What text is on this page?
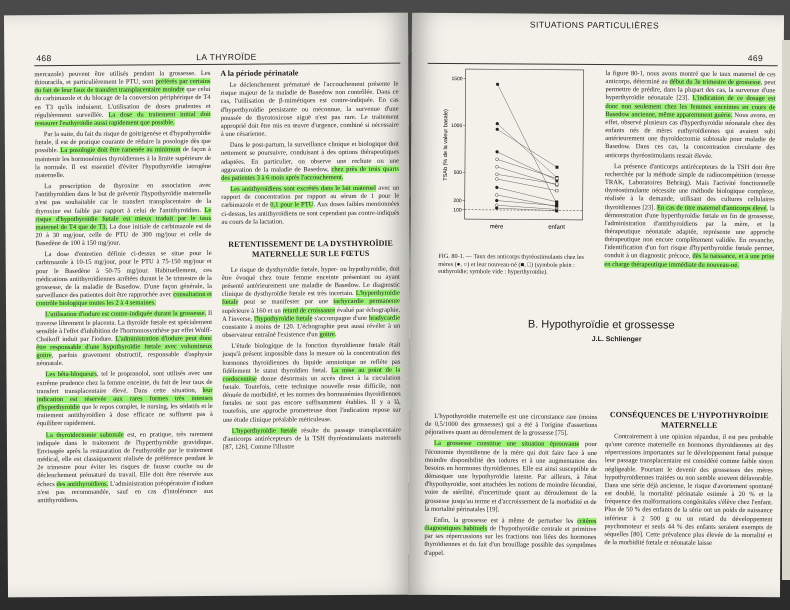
468	LA THYROÏDE

mercazole) peuvent être utilisés pendant la grossesse. Les thiouracils, et particulièrement le PTU, sont préférés par certains du fait de leur faux de transfert transplacentaire moindre que celui du carbimazole et du blocage de la conversion périphérique de T4 en T3 qu'ils induisent. L'utilisation de doses prudentes et régulièrement surveillée. La dose du traitement initial doit restaurer l'euthyroïdie aussi rapidement que possible.

Par la suite, du fait du risque de goitrigenèse et d'hypothyroïdie fœtale, il est de pratique courante de réduire la posologie dès que possible. La posologie doit être ramenée au minimum de façon à maintenir les hormonémies thyroïdiennes à la limite supérieure de la normale. Il est essentiel d'éviter l'hypothyroïdie iatrogène maternelle.

La prescription de thyroxine en association avec l'antithyroïdien dans le but de prévenir l'hypothyroïdie maternelle n'est pas souhaitable car le transfert transplacentaire de la thyroxine est faible par rapport à celui de l'antithyroïdien. Le risque d'hypothyroïdie fœtale est mieux traduit par le taux maternel de T4 que de T3. La dose initiale de carbimazole est de 20 à 30 mg/jour, celle de PTU de 300 mg/jour et celle de Basedène de 100 à 150 mg/jour.

La dose d'entretien définie ci-dessus se situe pour le carbimazole à 10-15 mg/jour, pour le PTU à 75-150 mg/jour et pour le Basedène à 50-75 mg/jour. Habituellement, ces médications antithyroïdiennes arrêtées durant le 3e trimestre de la grossesse, de la maladie de Basedow. D'une façon générale, la surveillance des patientes doit être rapprochée avec consultation et contrôle biologique toutes les 2 à 4 semaines.

L'utilisation d'iodure est contre-indiquée durant la grossesse. Il traverse librement le placenta. La thyroïde fœtale est spécialement sensible à l'effet d'inhibition de l'hormonosynthèse par effet Wolff-Chaikoff induit par l'iodure. L'administration d'iodure peut donc être responsable d'une hypothyroïdie fœtale avec volumineux goitre, parfois gravement obstructif, responsable d'asphyxie néonatale.

Les bêta-bloqueurs, tel le propranolol, sont utilisés avec une extrême prudence chez la femme enceinte, du fait de leur taux de transfert transplacentaire élevé. Dans cette situation, leur indication est réservée aux rares formes très intenses d'hyperthyroïdie que le repos complet, le nursing, les sédatifs et le traitement antithyroïdien à dose efficace ne suffisent pas à équilibrer rapidement.

La thyroïdectomie subtotale est, en pratique, très rarement indiquée dans le traitement de l'hyperthyroïdie gravidique. Envisagée après la restauration de l'euthyroïdie par le traitement médical, elle est classiquement réalisée de préférence pendant le 2e trimestre pour éviter les risques de fausse couche ou de déclenchement prématuré du travail. Elle doit être réservée aux échecs des antithyroïdiens. L'administration préopératoire d'iodure n'est pas recommandée, sauf en cas d'intolérance aux antithyroïdiens.

A la période périnatale

Le déclenchement prématuré de l'accouchement présente le risque majeur de la maladie de Basedow non contrôlée. Dans ce cas, l'utilisation de β-mimétiques est contre-indiquée. En cas d'hyperthyroïdie persistante ou méconnue, la survenue d'une poussée de thyrotoxicose aiguë n'est pas rare. Le traitement approprié doit être mis en œuvre d'urgence, combiné si nécessaire à une césarienne.

Dans le post-partum, la surveillance clinique et biologique doit nettement se poursuivre, conduisant à des options thérapeutiques adaptées. En particulier, on observe une rechute ou une aggravation de la maladie de Basedow, chez près de trois quarts des patientes 3 à 6 mois après l'accouchement.

Les antithyroïdiens sont excrétés dans le lait maternel avec un rapport de concentration par rapport au sérum de 1 pour le carbimazole et de 0,1 pour le PTU. Aux doses faibles mentionnées ci-dessus, les antithyroïdiens ne sont cependant pas contre-indiqués au cours de la lactation.

RETENTISSEMENT DE LA DYSTHYROÏDIE MATERNELLE SUR LE FŒTUS

Le risque de dysthyroïdie fœtale, hyper- ou hypothyroïdie, doit être évoqué chez toute femme enceinte présentant ou ayant présenté antérieurement une maladie de Basedow. Le diagnostic clinique de dysthyroïdie fœtale est très incertain. L'hyperthyroïdie fœtale peut se manifester par une tachycardie permanente supérieure à 160 et un retard de croissance évalué par échographie. A l'inverse, l'hypothyroïdie fœtale s'accompagne d'une bradycardie constante à moins de 120. L'échographie peut aussi révéler à un observateur entraîné l'existence d'un goitre.

L'étude biologique de la fonction thyroïdienne fœtale était jusqu'à présent impossible dans la mesure où la concentration des hormones thyroïdiennes du liquide amniotique ne reflète pas fidèlement le statut thyroïdien fœtal. La mise au point de la cordocentèse donne désormais un accès direct à la circulation fœtale. Toutefois, cette technique nouvelle reste difficile, non dénuée de morbidité, et les normes des hormonémies thyroïdiennes fœtales ne sont pas encore suffisamment établies. Il y a là, toutefois, une approche prometteuse dont l'indication repose sur une étude clinique préalable méticuleuse.

L'hyperthyroïdie fœtale résulte du passage transplacentaire d'anticorps antirécepteurs de la TSH thyréostimulants maternels [87, 126]. Comme l'illustre

SITUATIONS PARTICULIÈRES
469
TSAb (% de la valeur basale)
100
200
500
1000
1500
mère	enfant
FIG. 80-1. — Taux des anticorps thyréostimulants chez les mères (●, ○) et leur nouveau-né (■, □) (symbole plein : euthyroïdie; symbole vide : hyperthyroïdie).

la figure 80-1, nous avons montré que le taux maternel de ces anticorps, déterminé au début du 3e trimestre de grossesse, peut permettre de prédire, dans la plupart des cas, la survenue d'une hyperthyroïdie néonatale [23]. L'indication de ce dosage est donc non seulement chez les femmes enceintes en cours de Basedow ancienne, même apparemment guérie. Nous avons, en effet, observé plusieurs cas d'hyperthyroïdie néonatale chez des enfants nés de mères euthyroïdiennes qui avaient subi antérieurement une thyroïdectomie subtotale pour maladie de Basedow. Dans ces cas, la concentration circulante des anticorps thyréostimulants restait élevée.

La présence d'anticorps antirécepteurs de la TSH doit être recherchée par la méthode simple de radiocompétition (trousse TRAK, Laboratoires Behring). Mais l'activité fonctionnelle thyréostimulante nécessite une méthode biologique complexe, réalisée à la demande, utilisant des cultures cellulaires thyroïdiennes [23]. En cas de titre maternel d'anticorps élevé, la démonstration d'une hyperthyroïdie fœtale en fin de grossesse, l'administration d'antithyroïdiens par la mère, et la thérapeutique néonatale adaptée, représente une approche thérapeutique non encore complètement validée. En revanche, l'identification d'un fort risque d'hyperthyroïdie fœtale permet, conduit à un diagnostic précoce, dès la naissance, et à une prise en charge thérapeutique immédiate du nouveau-né.

B. Hypothyroïdie et grossesse
J.L. Schlienger

L'hypothyroïdie maternelle est une circonstance rare (moins de 0,5/1000 des grossesses) qui a été à l'origine d'assertions péjoratives quant au déroulement de la grossesse [75].

La grossesse constitue une situation éprouvante pour l'économie thyroïdienne de la mère qui doit faire face à une moindre disponibilité des iodures et à une augmentation des besoins en hormones thyroïdiennes. Elle est ainsi susceptible de démasquer une hypothyroïdie latente. Par ailleurs, à l'état d'hypothyroïdie, sont attachées les notions de moindre fécondité, voire de stérilité, d'incertitude quant au déroulement de la grossesse jusqu'au terme et d'accroissement de la morbidité et de la mortalité périnatales [19].

Enfin, la grossesse est à même de perturber les critères diagnostiques habituels de l'hypothyroïdie centrale et primitive par ses répercussions sur les fractions non liées des hormones thyroïdiennes et du fait d'un brouillage possible des symptômes d'appel.

CONSÉQUENCES DE L'HYPOTHYROÏDIE MATERNELLE

Contrairement à une opinion répandue, il est peu probable qu'une carence maternelle en hormones thyroïdiennes ait des répercussions importantes sur le développement fœtal puisque leur passage transplacentaire est considéré comme faible sinon négligeable. Pourtant le devenir des grossesses des mères hypothyroïdiennes traitées ou non semble souvent défavorable. Dans une série déjà ancienne, le risque d'avortement spontané est doublé, la mortalité périnatale estimée à 20 % et la fréquence des malformations congénitales s'élève chez l'enfant. Plus de 50 % des enfants de la série ont un poids de naissance inférieur à 2 500 g ou un retard du développement psychomoteur et seuls 44 % des enfants seraient exempts de séquelles [80]. Cette prévalence plus élevée de la mortalité et de la morbidité fœtale et néonatale laisse
